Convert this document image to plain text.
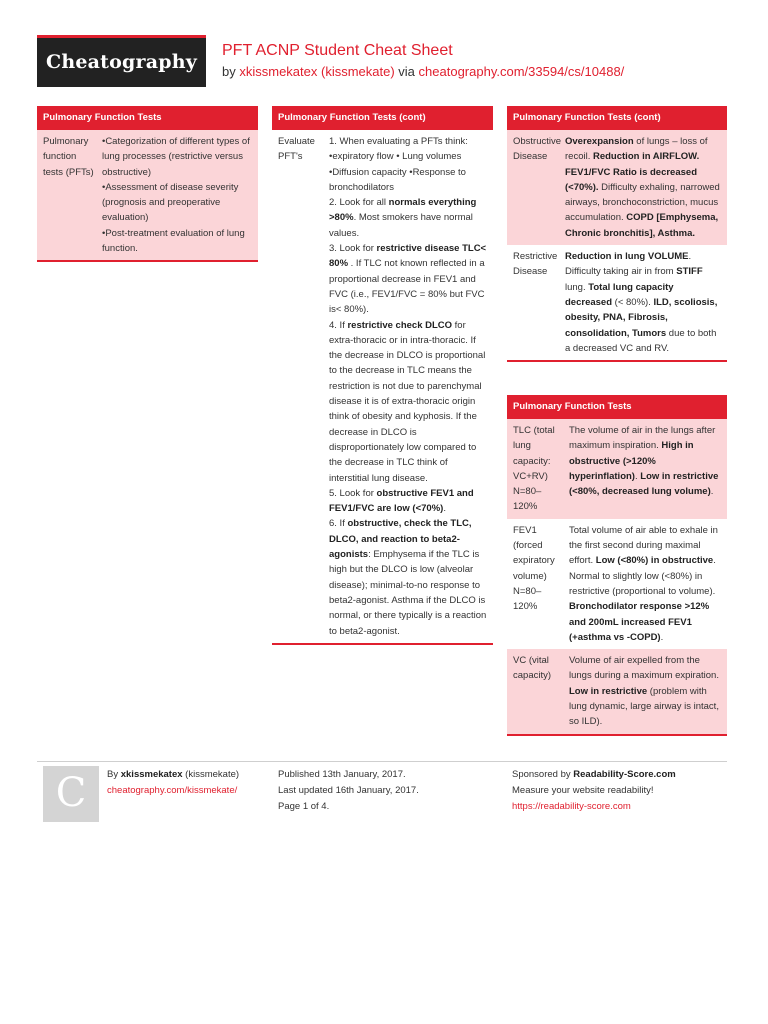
Cheatography
PFT ACNP Student Cheat Sheet
by xkissmekatex (kissmekate) via cheatography.com/33594/cs/10488/
Pulmonary Function Tests
Pulmonary function tests (PFTs)

•Categorization of different types of lung processes (restrictive versus obstructive)

•Assessment of disease severity (prognosis and preoperative evaluation)

•Post-treatment evaluation of lung function.

Pulmonary Function Tests (cont)
Evaluate PFT's

1. When evaluating a PFTs think: •expiratory flow • Lung volumes •Diffusion capacity •Response to bronchodilators

2. Look for all normals everything >80%. Most smokers have normal values.

3. Look for restrictive disease TLC< 80% . If TLC not known reflected in a proportional decrease in FEV1 and FVC (i.e., FEV1/FVC = 80% but FVC is< 80%).

4. If restrictive check DLCO for extra-thoracic or in intra-thoracic. If the decrease in DLCO is proportional to the decrease in TLC means the restriction is not due to parenchymal disease it is of extra-thoracic origin think of obesity and kyphosis. If the decrease in DLCO is disproportionately low compared to the decrease in TLC think of interstitial lung disease.

5. Look for obstructive FEV1 and FEV1/FVC are low (<70%).

6. If obstructive, check the TLC, DLCO, and reaction to beta2-agonists: Emphysema if the TLC is high but the DLCO is low (alveolar disease); minimal-to-no response to beta2-agonist. Asthma if the DLCO is normal, or there typically is a reaction to beta2-agonist.

Pulmonary Function Tests (cont)
Obstructive Disease

Overexpansion of lungs – loss of recoil. Reduction in AIRFLOW. FEV1/FVC Ratio is decreased (<70%). Difficulty exhaling, narrowed airways, bronchoconstriction, mucus accumulation. COPD [Emphysema, Chronic bronchitis], Asthma.

Restrictive Disease

Reduction in lung VOLUME. Difficulty taking air in from STIFF lung. Total lung capacity decreased (< 80%). ILD, scoliosis, obesity, PNA, Fibrosis, consolidation, Tumors due to both a decreased VC and RV.

Pulmonary Function Tests
TLC (total lung capacity: VC+RV) N=80–120%

The volume of air in the lungs after maximum inspiration. High in obstructive (>120% hyperinflation). Low in restrictive (<80%, decreased lung volume).

FEV1 (forced expiratory volume) N=80–120%

Total volume of air able to exhale in the first second during maximal effort. Low (<80%) in obstructive. Normal to slightly low (<80%) in restrictive (proportional to volume). Bronchodilator response >12% and 200mL increased FEV1 (+asthma vs -COPD).

VC (vital capacity)

Volume of air expelled from the lungs during a maximum expiration. Low in restrictive (problem with lung dynamic, large airway is intact, so ILD).

C	By xkissmekatex (kissmekate)
cheatography.com/kissmekate/
Published 13th January, 2017.
Last updated 16th January, 2017.
Page 1 of 4.
Sponsored by Readability-Score.com
Measure your website readability!
https://readability-score.com
